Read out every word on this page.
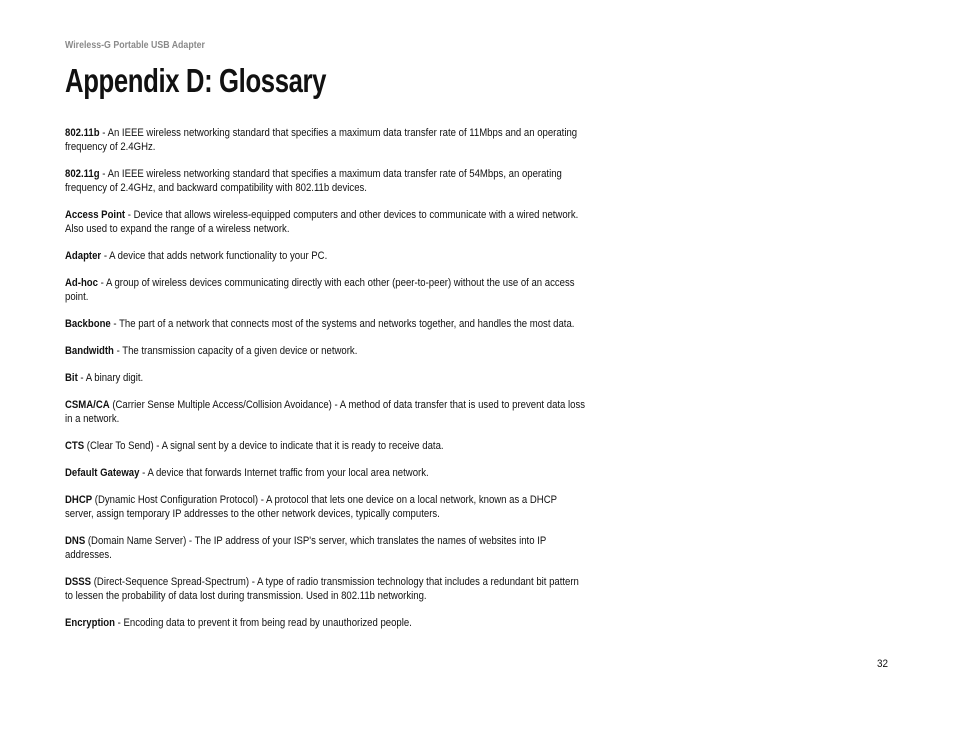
Wireless-G Portable USB Adapter
Appendix D: Glossary

802.11b - An IEEE wireless networking standard that specifies a maximum data transfer rate of 11Mbps and an operating frequency of 2.4GHz.

802.11g - An IEEE wireless networking standard that specifies a maximum data transfer rate of 54Mbps, an operating frequency of 2.4GHz, and backward compatibility with 802.11b devices.

Access Point - Device that allows wireless-equipped computers and other devices to communicate with a wired network. Also used to expand the range of a wireless network.

Adapter - A device that adds network functionality to your PC.

Ad-hoc - A group of wireless devices communicating directly with each other (peer-to-peer) without the use of an access point.

Backbone - The part of a network that connects most of the systems and networks together, and handles the most data.

Bandwidth - The transmission capacity of a given device or network.

Bit - A binary digit.

CSMA/CA (Carrier Sense Multiple Access/Collision Avoidance) - A method of data transfer that is used to prevent data loss in a network.

CTS (Clear To Send) - A signal sent by a device to indicate that it is ready to receive data.

Default Gateway - A device that forwards Internet traffic from your local area network.

DHCP (Dynamic Host Configuration Protocol) - A protocol that lets one device on a local network, known as a DHCP server, assign temporary IP addresses to the other network devices, typically computers.

DNS (Domain Name Server) - The IP address of your ISP's server, which translates the names of websites into IP addresses.

DSSS (Direct-Sequence Spread-Spectrum) - A type of radio transmission technology that includes a redundant bit pattern to lessen the probability of data lost during transmission. Used in 802.11b networking.

Encryption - Encoding data to prevent it from being read by unauthorized people.

32
